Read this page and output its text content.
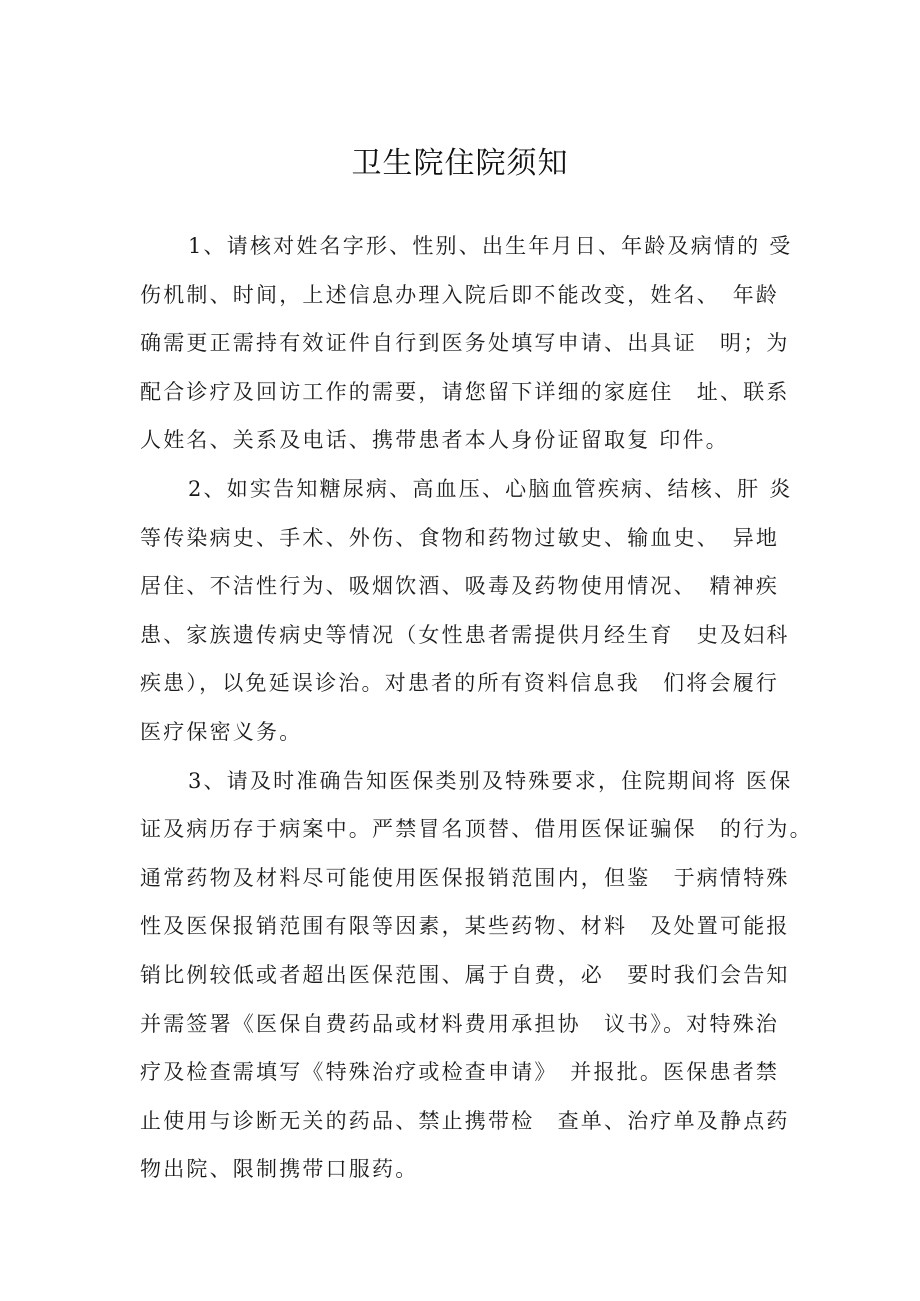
卫生院住院须知
1、请核对姓名字形、性别、出生年月日、年龄及病情的 受
伤机制、时间，上述信息办理入院后即不能改变，姓名、　年龄
确需更正需持有效证件自行到医务处填写申请、出具证　明；为
配合诊疗及回访工作的需要，请您留下详细的家庭住　址、联系
人姓名、关系及电话、携带患者本人身份证留取复 印件。
2、如实告知糖尿病、高血压、心脑血管疾病、结核、肝 炎
等传染病史、手术、外伤、食物和药物过敏史、输血史、　异地
居住、不洁性行为、吸烟饮酒、吸毒及药物使用情况、　精神疾
患、家族遗传病史等情况（女性患者需提供月经生育　史及妇科
疾患），以免延误诊治。对患者的所有资料信息我　们将会履行
医疗保密义务。
3、请及时准确告知医保类别及特殊要求，住院期间将 医保
证及病历存于病案中。严禁冒名顶替、借用医保证骗保　的行为。
通常药物及材料尽可能使用医保报销范围内，但鉴　于病情特殊
性及医保报销范围有限等因素，某些药物、材料　及处置可能报
销比例较低或者超出医保范围、属于自费，必　要时我们会告知
并需签署《医保自费药品或材料费用承担协　议书》。对特殊治
疗及检查需填写《特殊治疗或检查申请》　并报批。医保患者禁
止使用与诊断无关的药品、禁止携带检　查单、治疗单及静点药
物出院、限制携带口服药。
